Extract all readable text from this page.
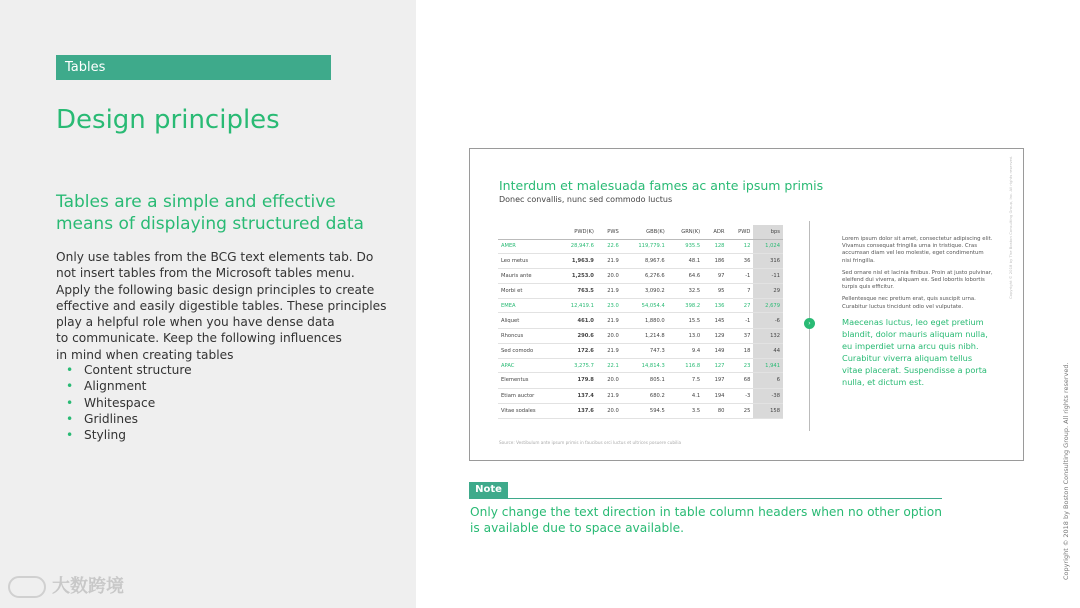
Tables
Design principles
Tables are a simple and effective means of displaying structured data

Only use tables from the BCG text elements tab. Do

not insert tables from the Microsoft tables menu.

Apply the following basic design principles to create

effective and easily digestible tables. These principles

play a helpful role when you have dense data

to communicate. Keep the following influences

in mind when creating tables

• Content structure
• Alignment
• Whitespace
• Gridlines
• Styling
大数跨境
Interdum et malesuada fames ac ante ipsum primis
Donec convallis, nunc sed commodo luctus
	PWD(K)	PWS	GBB(K)	GRN(K)	ADR	PWD	bps
AMER	28,947.6	22.6	119,779.1	935.5	128	12	1,024
Leo metus	1,963.9	21.9	8,967.6	48.1	186	36	316
Mauris ante	1,253.0	20.0	6,276.6	64.6	97	-1	-11
Morbi et	763.5	21.9	3,090.2	32.5	95	7	29
EMEA	12,419.1	23.0	54,054.4	398.2	136	27	2,679
Aliquet	461.0	21.9	1,880.0	15.5	145	-1	-6
Rhoncus	290.6	20.0	1,214.8	13.0	129	37	132
Sed comodo	172.6	21.9	747.3	9.4	149	18	44
APAC	3,275.7	22.1	14,814.3	116.8	127	23	1,941
Elementus	179.8	20.0	805.1	7.5	197	68	6
Etiam auctor	137.4	21.9	680.2	4.1	194	-3	-38
Vitae sodales	137.6	20.0	594.5	3.5	80	25	158
Source: Vestibulum ante ipsum primis in faucibus orci luctus et ultrices posuere cubilia
›

Lorem ipsum dolor sit amet, consectetur adipiscing elit. Vivamus consequat fringilla urna in tristique. Cras accumsan diam vel leo molestie, eget condimentum nisi fringilla.

Sed ornare nisl et lacinia finibus. Proin at justo pulvinar, eleifend dui viverra, aliquam ex. Sed lobortis lobortis turpis quis efficitur.

Pellentesque nec pretium erat, quis suscipit urna. Curabitur luctus tincidunt odio vel vulputate.

Maecenas luctus, leo eget pretium blandit, dolor mauris aliquam nulla, eu imperdiet urna arcu quis nibh. Curabitur viverra aliquam tellus vitae placerat. Suspendisse a porta nulla, et dictum est.

Copyright © 2018 by The Boston Consulting Group, Inc. All rights reserved.
Note
Only change the text direction in table column headers when no other option is available due to space available.	Copyright © 2018 by Boston Consulting Group. All rights reserved.
